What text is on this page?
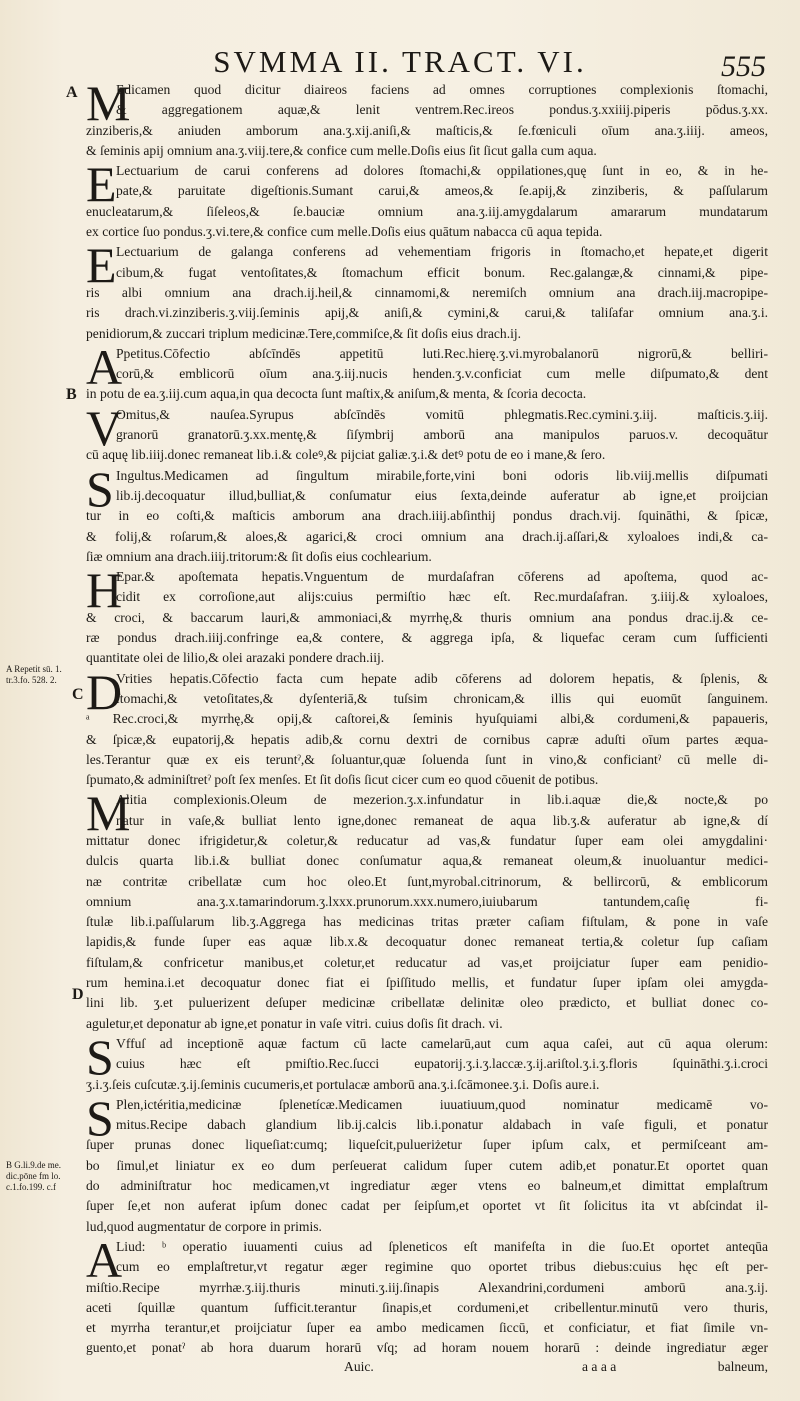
SVMMA II. TRACT. VI.	555
A Repetit sū. 1. tr.3.fo. 528. 2.
B G.li.9.de me. dic.pōne fm lo. c.1.fo.199. c.f
A
B
C
D
M
Edicamen quod dicitur diaireos faciens ad omnes corruptiones complexionis ſtomachi,
& aggregationem aquæ,& lenit ventrem.Rec.ireos pondus.ʒ.xxiiij.piperis pōdus.ʒ.xx.
zinziberis,& aniuden amborum ana.ʒ.xij.aniſi,& maſticis,& ſe.fœniculi oīum ana.ʒ.iiij. ameos,
& ſeminis apij omnium ana.ʒ.viij.tere,& confice cum melle.Doſis eius ſit ſicut galla cum aqua.
E Lectuarium de carui conferens ad dolores ſtomachi,& oppilationes,quę ſunt in eo, & in he-
pate,& paruitate digeſtionis.Sumant carui,& ameos,& ſe.apij,& zinziberis, & paſſularum
enucleatarum,& ſiſeleos,& ſe.bauciæ omnium ana.ʒ.iij.amygdalarum amararum mundatarum
ex cortice ſuo pondus.ʒ.vi.tere,& confice cum melle.Doſis eius quātum nabacca cū aqua tepida.
E Lectuarium de galanga conferens ad vehementiam frigoris in ſtomacho,et hepate,et digerit
cibum,& fugat ventoſitates,& ſtomachum efficit bonum. Rec.galangæ,& cinnami,& pipe-
ris albi omnium ana drach.ij.heil,& cinnamomi,& neremiſch omnium ana drach.iij.macropipe-
ris drach.vi.zinziberis.ʒ.viij.ſeminis apij,& aniſi,& cymini,& carui,& taliſafar omnium ana.ʒ.i.
penidiorum,& zuccari triplum medicinæ.Tere,commiſce,& ſit doſis eius drach.ij.
A
Ppetitus.Cōfectio abſcīndēs appetitū luti.Rec.hierę.ʒ.vi.myrobalanorū nigrorū,& belliri-
corū,& emblicorū oīum ana.ʒ.iij.nucis henden.ʒ.v.conficiat cum melle diſpumato,& dent
in potu de ea.ʒ.iij.cum aqua,in qua decocta ſunt maſtix,& aniſum,& menta, & ſcoria decocta.
V
Omitus,& nauſea.Syrupus abſcīndēs vomitū phlegmatis.Rec.cymini.ʒ.iij. maſticis.ʒ.iij.
granorū granatorū.ʒ.xx.mentę,& ſiſymbrij amborū ana manipulos paruos.v. decoquātur
cū aquę lib.iiij.donec remaneat lib.i.& coleꝰ,& pijciat galiæ.ʒ.i.& detꝰ potu de eo i mane,& ſero.
S Ingultus.Medicamen ad ſingultum mirabile,forte,vini boni odoris lib.viij.mellis diſpumati
lib.ij.decoquatur illud,bulliat,& conſumatur eius ſexta,deinde auferatur ab igne,et proijcian
tur in eo coſti,& maſticis amborum ana drach.iiij.abſinthij pondus drach.vij. ſquināthi, & ſpicæ,
& folij,& roſarum,& aloes,& agarici,& croci omnium ana drach.ij.aſſari,& xyloaloes indi,& ca-
ſiæ omnium ana drach.iiij.tritorum:& ſit doſis eius cochlearium.
H
Epar.& apoſtemata hepatis.Vnguentum de murdaſafran cōferens ad apoſtema, quod ac-
cidit ex corroſione,aut alijs:cuius permiſtio hæc eſt. Rec.murdaſafran. ʒ.iiij.& xyloaloes,
& croci, & baccarum lauri,& ammoniaci,& myrrhę,& thuris omnium ana pondus drac.ij.& ce-
ræ pondus drach.iiij.confringe ea,& contere, & aggrega ipſa, & liquefac ceram cum ſufficienti
quantitate olei de lilio,& olei arazaki pondere drach.iij.
D
Vrities hepatis.Cōfectio facta cum hepate adib cōferens ad dolorem hepatis, & ſplenis, &
ſtomachi,& vetoſitates,& dyſenteriā,& tuſsim chronicam,& illis qui euomūt ſanguinem.
ᵃ Rec.croci,& myrrhę,& opij,& caſtorei,& ſeminis hyuſquiami albi,& cordumeni,& papaueris,
& ſpicæ,& eupatorij,& hepatis adib,& cornu dextri de cornibus capræ aduſti oīum partes æqua-
les.Terantur quæ ex eis teruntˀ,& ſoluantur,quæ ſoluenda ſunt in vino,& conficiantˀ cū melle di-
ſpumato,& adminiſtretˀ poſt ſex menſes. Et ſit doſis ſicut cicer cum eo quod cōuenit de potibus.
M
Alitia complexionis.Oleum de mezerion.ʒ.x.infundatur in lib.i.aquæ die,& nocte,& po
natur in vaſe,& bulliat lento igne,donec remaneat de aqua lib.ʒ.& auferatur ab igne,& dí
mittatur donec ifrigidetur,& coletur,& reducatur ad vas,& fundatur ſuper eam olei amygdalini·
dulcis quarta lib.i.& bulliat donec conſumatur aqua,& remaneat oleum,& inuoluantur medici-
næ contritæ cribellatæ cum hoc oleo.Et ſunt,myrobal.citrinorum, & bellircorū, & emblicorum
omnium ana.ʒ.x.tamarindorum.ʒ.lxxx.prunorum.xxx.numero,iuiubarum tantundem,caſię fi-
ſtulæ lib.i.paſſularum lib.ʒ.Aggrega has medicinas tritas præter caſiam fiſtulam, & pone in vaſe
lapidis,& funde ſuper eas aquæ lib.x.& decoquatur donec remaneat tertia,& coletur ſup caſiam
fiſtulam,& confricetur manibus,et coletur,et reducatur ad vas,et proijciatur ſuper eam penidio-
rum hemina.i.et decoquatur donec fiat ei ſpiſſitudo mellis, et fundatur ſuper ipſam olei amygda-
lini lib. ʒ.et puluerizent deſuper medicinæ cribellatæ delinitæ oleo prædicto, et bulliat donec co-
aguletur,et deponatur ab igne,et ponatur in vaſe vitri. cuius doſis ſit drach. vi.
S Vffuſ ad inceptionē aquæ factum cū lacte camelarū,aut cum aqua caſei, aut cū aqua olerum:
cuius hæc eſt pmiſtio.Rec.ſucci eupatorij.ʒ.i.ʒ.laccæ.ʒ.ij.ariſtol.ʒ.i.ʒ.floris ſquināthi.ʒ.i.croci
ʒ.i.ʒ.ſeis cuſcutæ.ʒ.ij.ſeminis cucumeris,et portulacæ amborū ana.ʒ.i.ſcāmonee.ʒ.i. Doſis aure.i.
S Plen,ictéritia,medicinæ ſplenetícæ.Medicamen iuuatiuum,quod nominatur medicamē vo-
mitus.Recipe dabach glandium lib.ij.calcis lib.i.ponatur aldabach in vaſe figuli, et ponatur
ſuper prunas donec liqueſiat:cumq; liqueſcit,pulueriżetur ſuper ipſum calx, et permiſceant am-
bo ſimul,et liniatur ex eo dum perſeuerat calidum ſuper cutem adib,et ponatur.Et oportet quan
do adminiſtratur hoc medicamen,vt ingrediatur æger vtens eo balneum,et dimittat emplaſtrum
ſuper ſe,et non auferat ipſum donec cadat per ſeipſum,et oportet vt ſit ſolicitus ita vt abſcindat il-
lud,quod augmentatur de corpore in primis.
A
Liud: ᵇ operatio iuuamenti cuius ad ſpleneticos eſt manifeſta in die ſuo.Et oportet anteqūa
cum eo emplaſtretur,vt regatur æger regimine quo oportet tribus diebus:cuius hęc eſt per-
miſtio.Recipe myrrhæ.ʒ.iij.thuris minuti.ʒ.iij.ſinapis Alexandrini,cordumeni amborū ana.ʒ.ij.
aceti ſquillæ quantum ſufficit.terantur ſinapis,et cordumeni,et cribellentur.minutū vero thuris,
et myrrha terantur,et proijciatur ſuper ea ambo medicamen ſiccū, et conficiatur, et fiat ſimile vn-
guento,et ponatˀ ab hora duarum horarū vſq; ad horam nouem horarū : deinde ingrediatur æger
Auic.	a a a a	balneum,
